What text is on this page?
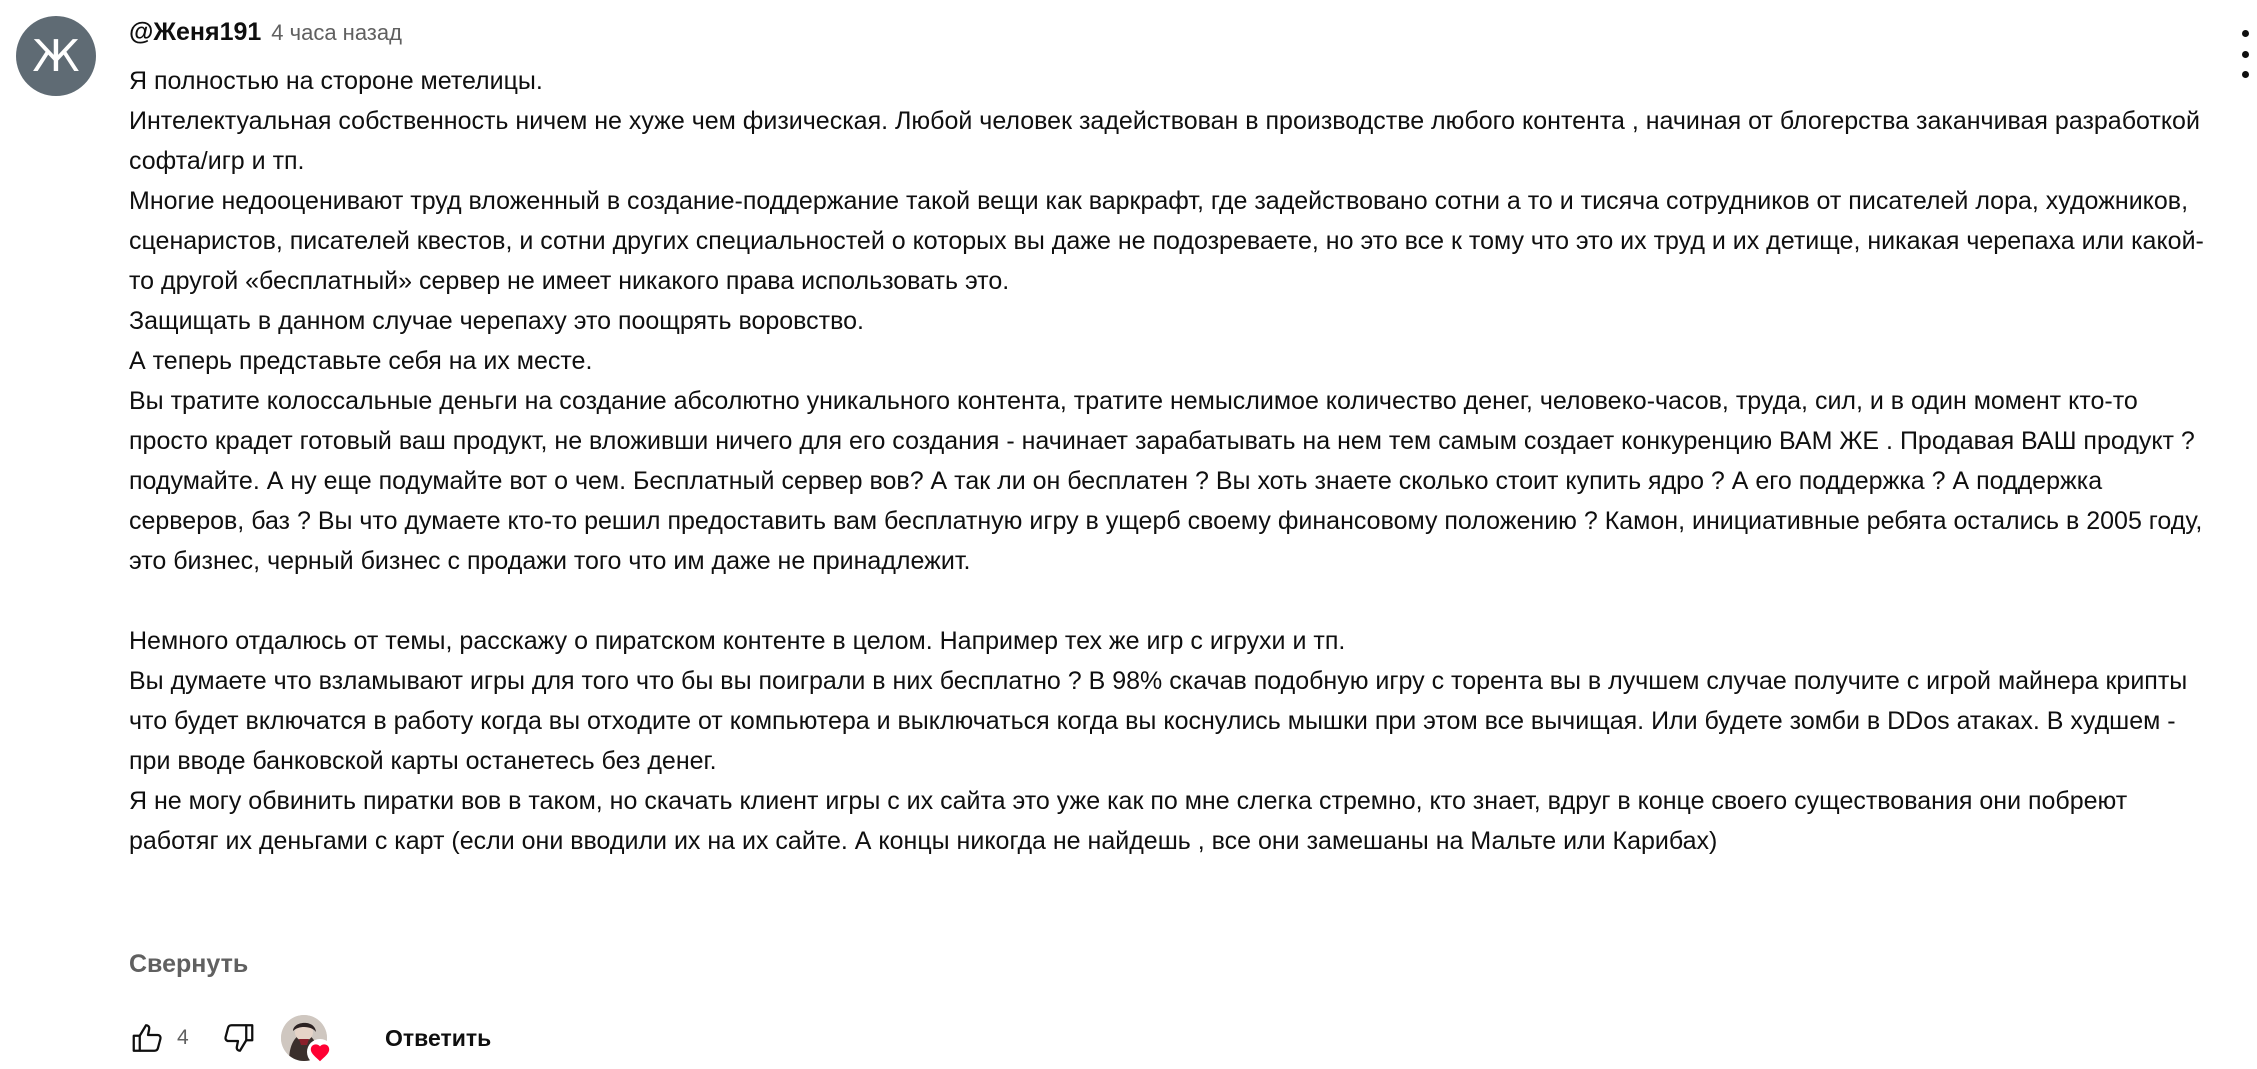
Ж @Женя191 4 часа назад
Я полностью на стороне метелицы.
Интелектуальная собственность ничем не хуже чем физическая. Любой человек задействован в производстве любого контента , начиная от блогерства заканчивая разработкой софта/игр и тп.
Многие недооценивают труд вложенный в создание-поддержание такой вещи как варкрафт, где задействовано сотни а то и тисяча сотрудников от писателей лора, художников, сценаристов, писателей квестов, и сотни других специальностей о которых вы даже не подозреваете, но это все к тому что это их труд и их детище, никакая черепаха или какой-то другой «бесплатный» сервер не имеет никакого права использовать это.
Защищать в данном случае черепаху это поощрять воровство.
А теперь представьте себя на их месте.
Вы тратите колоссальные деньги на создание абсолютно уникального контента, тратите немыслимое количество денег, человеко-часов, труда, сил, и в один момент кто-то просто крадет готовый ваш продукт, не вложивши ничего для его создания - начинает зарабатывать на нем тем самым создает конкуренцию ВАМ ЖЕ . Продавая ВАШ продукт ?  подумайте. А ну еще подумайте вот о чем. Бесплатный сервер вов? А так ли он бесплатен ? Вы хоть знаете сколько стоит купить ядро ? А его поддержка ? А поддержка серверов, баз ? Вы что думаете кто-то решил предоставить вам бесплатную игру в ущерб своему финансовому положению ? Камон, инициативные ребята остались в 2005 году, это бизнес, черный бизнес с продажи того что им даже не принадлежит.
Немного отдалюсь от темы, расскажу о пиратском контенте в целом. Например тех же игр с игрухи и тп.
Вы думаете что взламывают игры для того что бы вы поиграли в них бесплатно ? В 98% скачав подобную игру с торента вы в лучшем случае получите с игрой майнера крипты что будет включатся в работу когда вы отходите от компьютера и выключаться когда вы коснулись мышки при этом все вычищая. Или будете зомби в DDos атаках. В худшем - при вводе банковской карты останетесь без денег.
Я не могу обвинить пиратки вов в таком, но скачать клиент игры с их сайта это уже как по мне слегка стремно, кто знает, вдруг в конце своего существования они побреют работяг их деньгами с карт (если они вводили их на их сайте. А концы никогда не найдешь , все они замешаны на Мальте или Карибах)
Свернуть
4	Ответить
